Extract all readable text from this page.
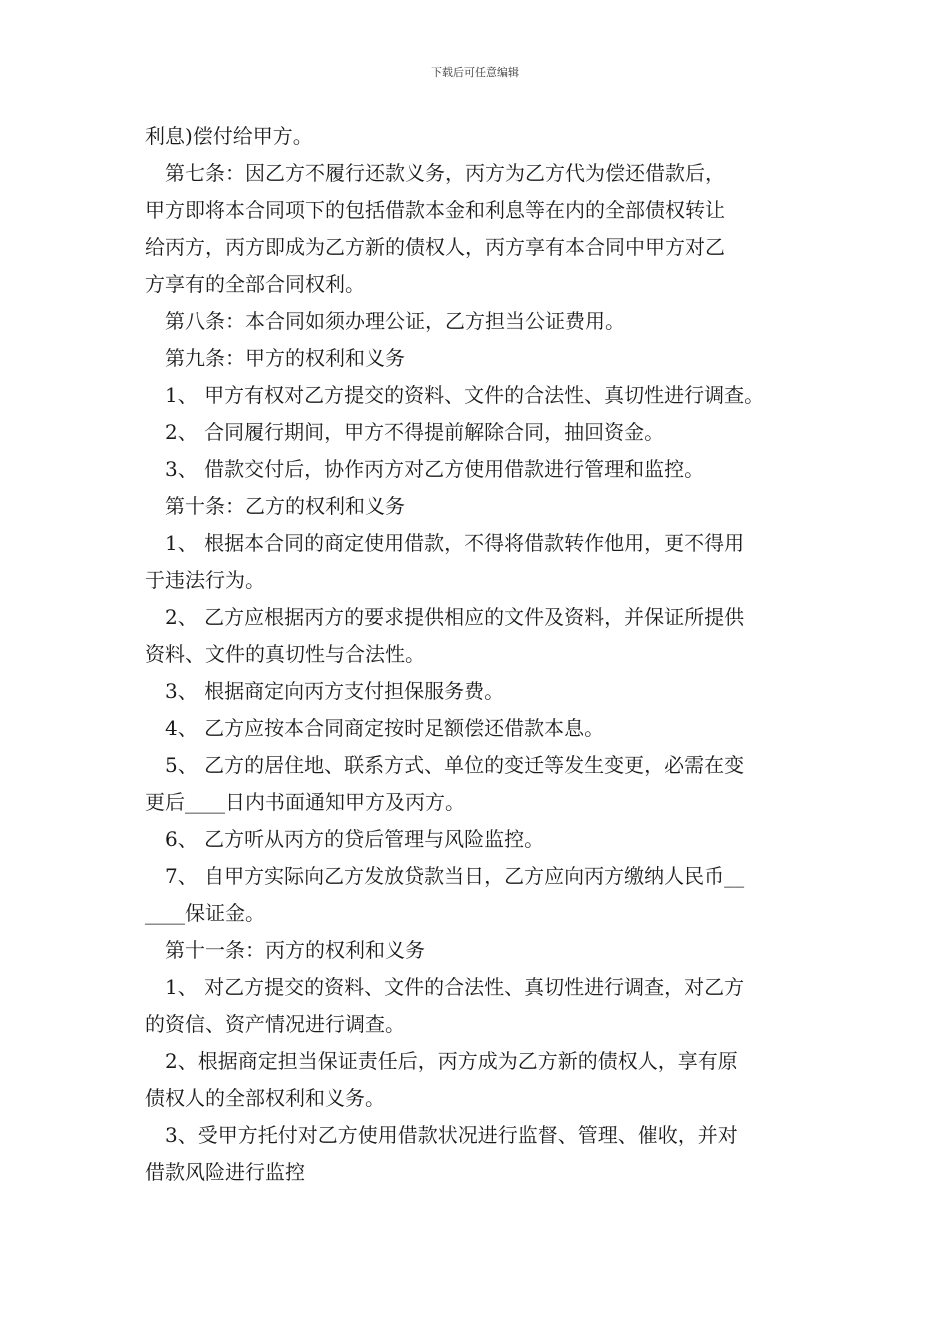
下载后可任意编辑
利息)偿付给甲方。
第七条：因乙方不履行还款义务，丙方为乙方代为偿还借款后，
甲方即将本合同项下的包括借款本金和利息等在内的全部债权转让
给丙方，丙方即成为乙方新的债权人，丙方享有本合同中甲方对乙
方享有的全部合同权利。
第八条：本合同如须办理公证，乙方担当公证费用。
第九条：甲方的权利和义务
1、 甲方有权对乙方提交的资料、文件的合法性、真切性进行调查。
2、 合同履行期间，甲方不得提前解除合同，抽回资金。
3、 借款交付后，协作丙方对乙方使用借款进行管理和监控。
第十条：乙方的权利和义务
1、 根据本合同的商定使用借款，不得将借款转作他用，更不得用
于违法行为。
2、 乙方应根据丙方的要求提供相应的文件及资料，并保证所提供
资料、文件的真切性与合法性。
3、 根据商定向丙方支付担保服务费。
4、 乙方应按本合同商定按时足额偿还借款本息。
5、 乙方的居住地、联系方式、单位的变迁等发生变更，必需在变
更后____日内书面通知甲方及丙方。
6、 乙方听从丙方的贷后管理与风险监控。
7、 自甲方实际向乙方发放贷款当日，乙方应向丙方缴纳人民币__
____保证金。
第十一条：丙方的权利和义务
1、 对乙方提交的资料、文件的合法性、真切性进行调查，对乙方
的资信、资产情况进行调查。
2、根据商定担当保证责任后，丙方成为乙方新的债权人，享有原
债权人的全部权利和义务。
3、受甲方托付对乙方使用借款状况进行监督、管理、催收，并对
借款风险进行监控
